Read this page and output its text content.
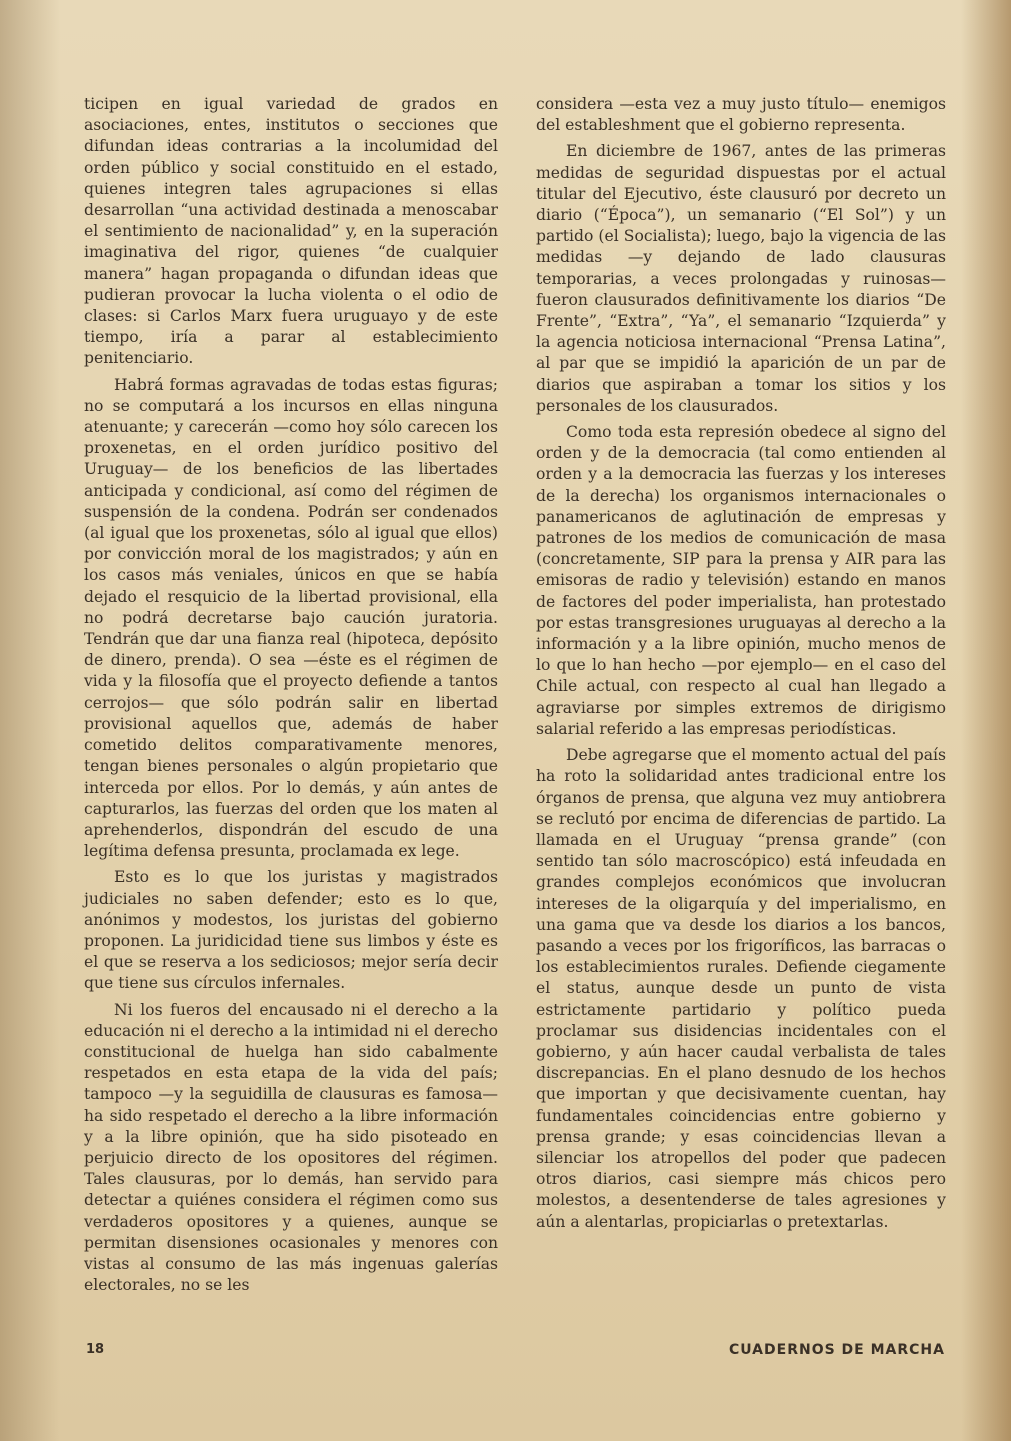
ticipen en igual variedad de grados en asociaciones, entes, institutos o secciones que difundan ideas contrarias a la incolumidad del orden público y social constituido en el estado, quienes integren tales agrupaciones si ellas desarrollan “una actividad destinada a menoscabar el sentimiento de nacionalidad” y, en la superación imaginativa del rigor, quienes “de cualquier manera” hagan propaganda o difundan ideas que pudieran provocar la lucha violenta o el odio de clases: si Carlos Marx fuera uruguayo y de este tiempo, iría a parar al establecimiento penitenciario.

Habrá formas agravadas de todas estas figuras; no se computará a los incursos en ellas ninguna atenuante; y carecerán —como hoy sólo carecen los proxenetas, en el orden jurídico positivo del Uruguay— de los beneficios de las libertades anticipada y condicional, así como del régimen de suspensión de la condena. Podrán ser condenados (al igual que los proxenetas, sólo al igual que ellos) por convicción moral de los magistrados; y aún en los casos más veniales, únicos en que se había dejado el resquicio de la libertad provisional, ella no podrá decretarse bajo caución juratoria. Tendrán que dar una fianza real (hipoteca, depósito de dinero, prenda). O sea —éste es el régimen de vida y la filosofía que el proyecto defiende a tantos cerrojos— que sólo podrán salir en libertad provisional aquellos que, además de haber cometido delitos comparativamente menores, tengan bienes personales o algún propietario que interceda por ellos. Por lo demás, y aún antes de capturarlos, las fuerzas del orden que los maten al aprehenderlos, dispondrán del escudo de una legítima defensa presunta, proclamada ex lege.

Esto es lo que los juristas y magistrados judiciales no saben defender; esto es lo que, anónimos y modestos, los juristas del gobierno proponen. La juridicidad tiene sus limbos y éste es el que se reserva a los sediciosos; mejor sería decir que tiene sus círculos infernales.

Ni los fueros del encausado ni el derecho a la educación ni el derecho a la intimidad ni el derecho constitucional de huelga han sido cabalmente respetados en esta etapa de la vida del país; tampoco —y la seguidilla de clausuras es famosa— ha sido respetado el derecho a la libre información y a la libre opinión, que ha sido pisoteado en perjuicio directo de los opositores del régimen. Tales clausuras, por lo demás, han servido para detectar a quiénes considera el régimen como sus verdaderos opositores y a quienes, aunque se permitan disensiones ocasionales y menores con vistas al consumo de las más ingenuas galerías electorales, no se les

considera —esta vez a muy justo título— enemigos del estableshment que el gobierno representa.

En diciembre de 1967, antes de las primeras medidas de seguridad dispuestas por el actual titular del Ejecutivo, éste clausuró por decreto un diario (“Época”), un semanario (“El Sol”) y un partido (el Socialista); luego, bajo la vigencia de las medidas —y dejando de lado clausuras temporarias, a veces prolongadas y ruinosas— fueron clausurados definitivamente los diarios “De Frente”, “Extra”, “Ya”, el semanario “Izquierda” y la agencia noticiosa internacional “Prensa Latina”, al par que se impidió la aparición de un par de diarios que aspiraban a tomar los sitios y los personales de los clausurados.

Como toda esta represión obedece al signo del orden y de la democracia (tal como entienden al orden y a la democracia las fuerzas y los intereses de la derecha) los organismos internacionales o panamericanos de aglutinación de empresas y patrones de los medios de comunicación de masa (concretamente, SIP para la prensa y AIR para las emisoras de radio y televisión) estando en manos de factores del poder imperialista, han protestado por estas transgresiones uruguayas al derecho a la información y a la libre opinión, mucho menos de lo que lo han hecho —por ejemplo— en el caso del Chile actual, con respecto al cual han llegado a agraviarse por simples extremos de dirigismo salarial referido a las empresas periodísticas.

Debe agregarse que el momento actual del país ha roto la solidaridad antes tradicional entre los órganos de prensa, que alguna vez muy antiobrera se reclutó por encima de diferencias de partido. La llamada en el Uruguay “prensa grande” (con sentido tan sólo macroscópico) está infeudada en grandes complejos económicos que involucran intereses de la oligarquía y del imperialismo, en una gama que va desde los diarios a los bancos, pasando a veces por los frigoríficos, las barracas o los establecimientos rurales. Defiende ciegamente el status, aunque desde un punto de vista estrictamente partidario y político pueda proclamar sus disidencias incidentales con el gobierno, y aún hacer caudal verbalista de tales discrepancias. En el plano desnudo de los hechos que importan y que decisivamente cuentan, hay fundamentales coincidencias entre gobierno y prensa grande; y esas coincidencias llevan a silenciar los atropellos del poder que padecen otros diarios, casi siempre más chicos pero molestos, a desentenderse de tales agresiones y aún a alentarlas, propiciarlas o pretextarlas.

18	CUADERNOS DE MARCHA
